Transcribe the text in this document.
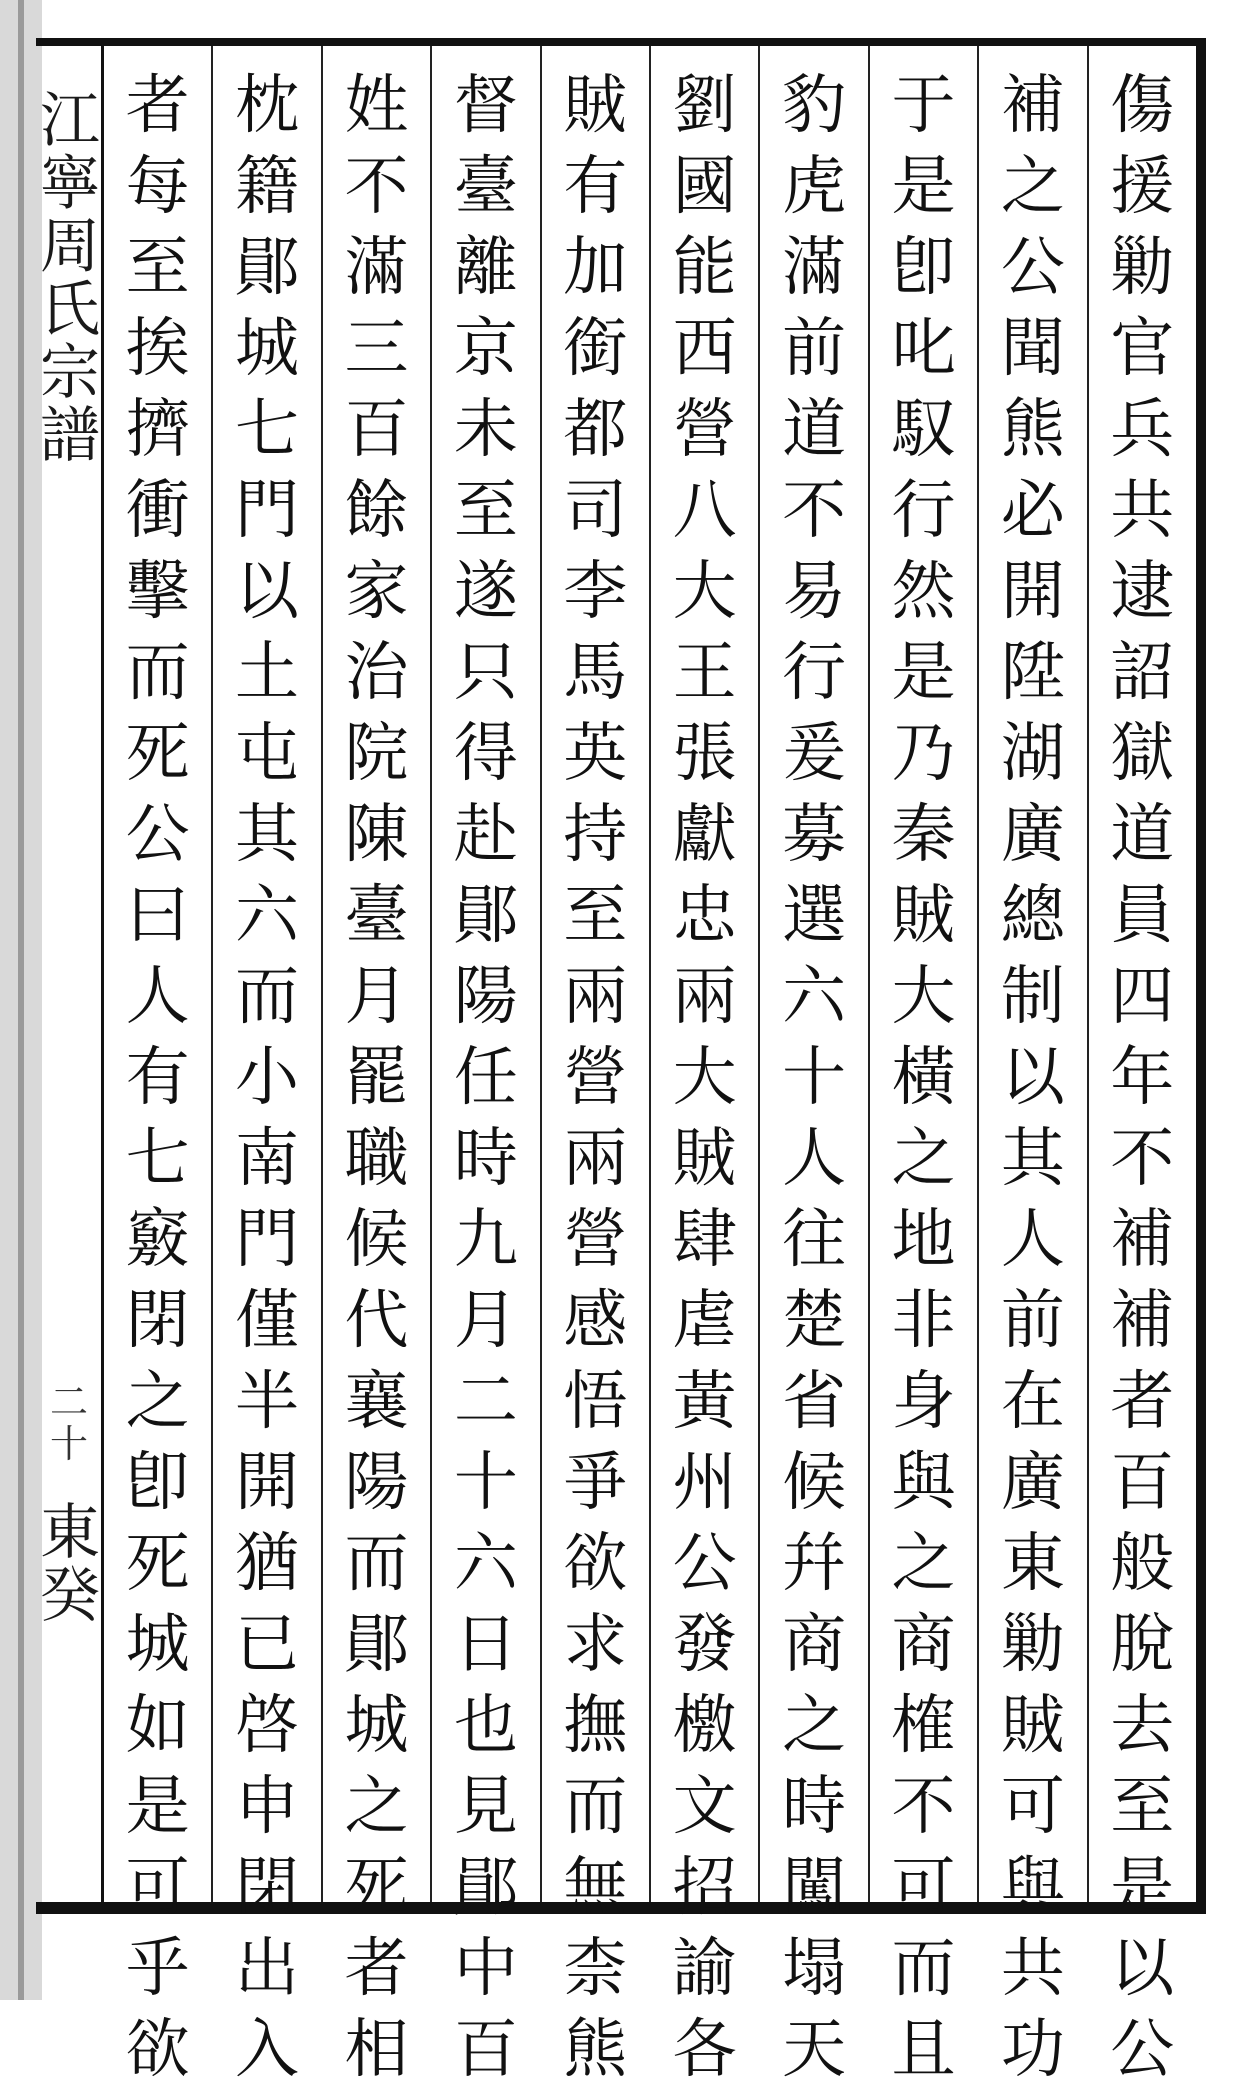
江寧周氏宗譜
二十
東癸
傷援勦官兵共逮詔獄道員四年不補補者百般脫去至是以公
補之公聞熊必開陞湖廣總制以其人前在廣東勦賊可與共功
于是卽叱馭行然是乃秦賊大橫之地非身與之商榷不可而且
豹虎滿前道不易行爰募選六十人往楚省候幷商之時闖塌天
劉國能西營八大王張獻忠兩大賊肆虐黃州公發檄文招諭各
賊有加銜都司李馬英持至兩營兩營感悟爭欲求撫而無柰熊
督臺離京未至遂只得赴鄖陽任時九月二十六日也見鄖中百
姓不滿三百餘家治院陳臺月罷職候代襄陽而鄖城之死者相
枕籍鄖城七門以土屯其六而小南門僅半開猶已啓申閉出入
者每至挨擠衝擊而死公曰人有七竅閉之卽死城如是可乎欲
